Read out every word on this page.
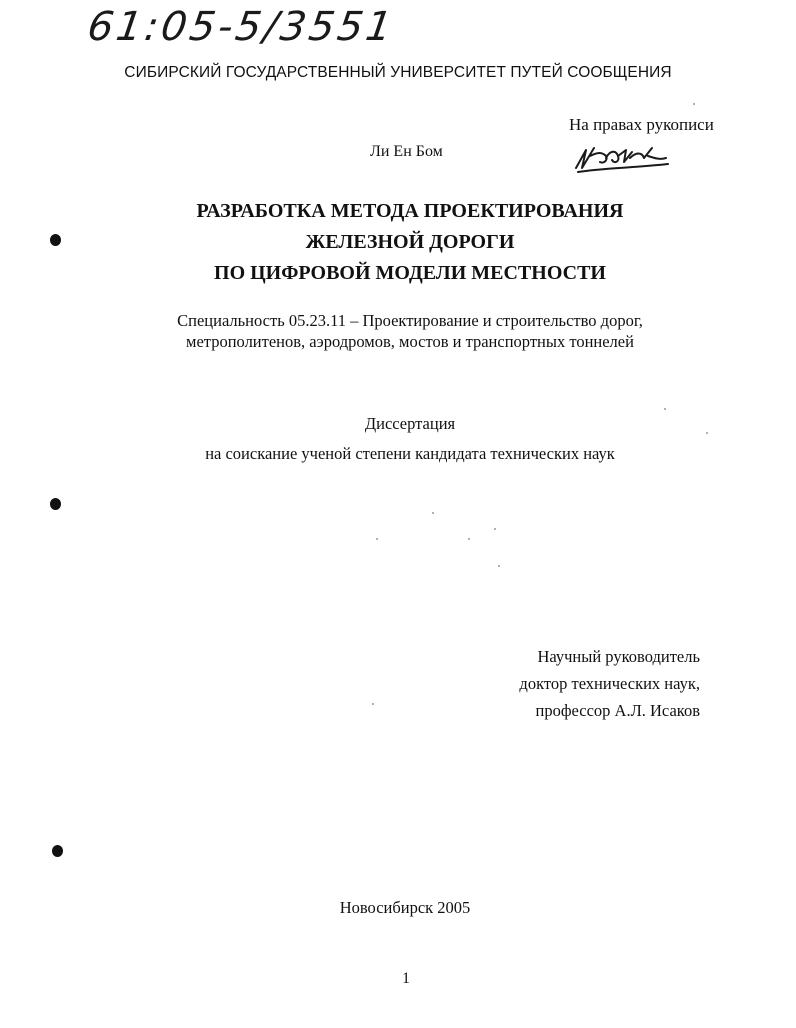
61:05-5/3551
СИБИРСКИЙ ГОСУДАРСТВЕННЫЙ УНИВЕРСИТЕТ ПУТЕЙ СООБЩЕНИЯ
На правах рукописи
Ли Ен Бом
РАЗРАБОТКА МЕТОДА ПРОЕКТИРОВАНИЯ
ЖЕЛЕЗНОЙ ДОРОГИ
ПО ЦИФРОВОЙ МОДЕЛИ МЕСТНОСТИ
Специальность 05.23.11 – Проектирование и строительство дорог,
метрополитенов, аэродромов, мостов и транспортных тоннелей
Диссертация
на соискание ученой степени кандидата технических наук
Научный руководитель
доктор технических наук,
профессор А.Л. Исаков
Новосибирск 2005
1
